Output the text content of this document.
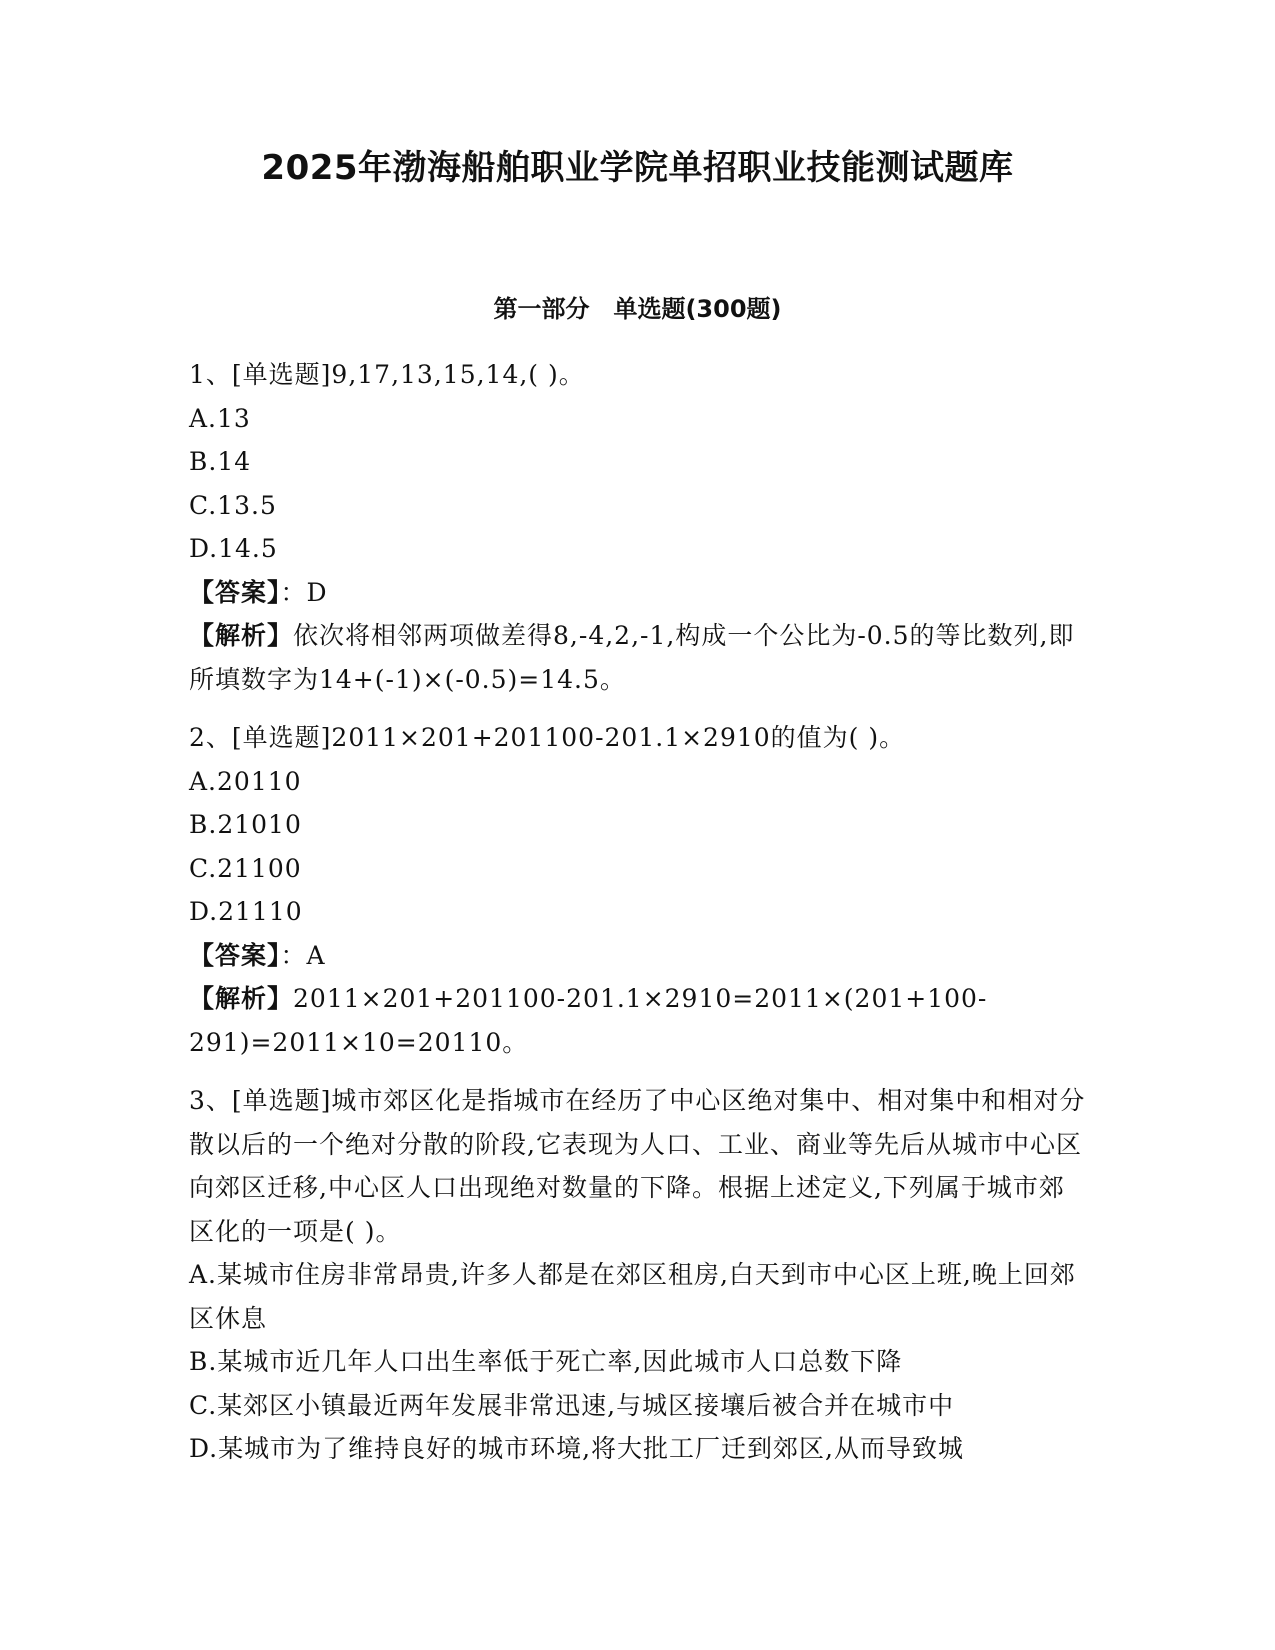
2025年渤海船舶职业学院单招职业技能测试题库
第一部分　单选题(300题)
1、[单选题]9,17,13,15,14,( )。
A.13
B.14
C.13.5
D.14.5
【答案】：D
【解析】依次将相邻两项做差得8,-4,2,-1,构成一个公比为-0.5的等比数列,即所填数字为14+(-1)×(-0.5)=14.5。
2、[单选题]2011×201+201100-201.1×2910的值为( )。
A.20110
B.21010
C.21100
D.21110
【答案】：A
【解析】2011×201+201100-201.1×2910=2011×(201+100-291)=2011×10=20110。
3、[单选题]城市郊区化是指城市在经历了中心区绝对集中、相对集中和相对分散以后的一个绝对分散的阶段,它表现为人口、工业、商业等先后从城市中心区向郊区迁移,中心区人口出现绝对数量的下降。根据上述定义,下列属于城市郊区化的一项是( )。
A.某城市住房非常昂贵,许多人都是在郊区租房,白天到市中心区上班,晚上回郊区休息
B.某城市近几年人口出生率低于死亡率,因此城市人口总数下降
C.某郊区小镇最近两年发展非常迅速,与城区接壤后被合并在城市中
D.某城市为了维持良好的城市环境,将大批工厂迁到郊区,从而导致城
